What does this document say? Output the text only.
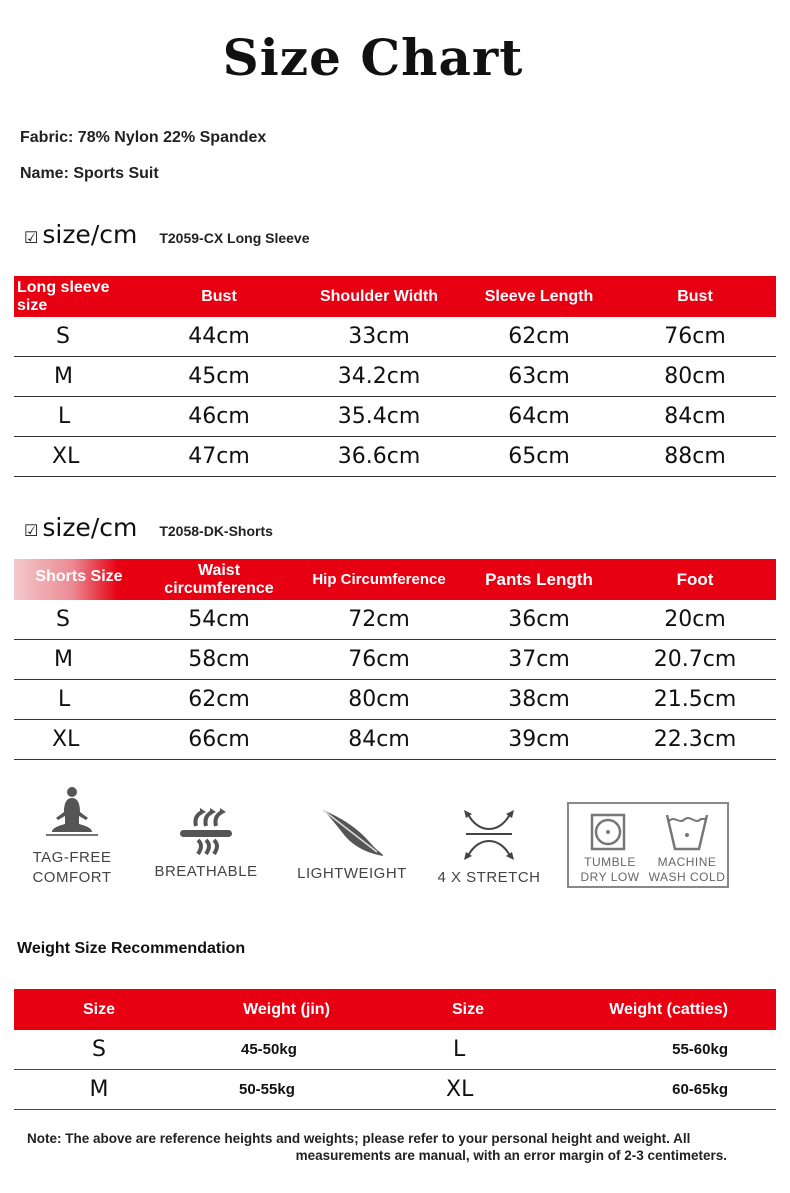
Size Chart
Fabric: 78% Nylon 22% Spandex
Name: Sports Suit
☑ size/cm T2059-CX Long Sleeve
Long sleeve size	Bust	Shoulder Width	Sleeve Length	Bust
S	44cm	33cm	62cm	76cm
M	45cm	34.2cm	63cm	80cm
L	46cm	35.4cm	64cm	84cm
XL	47cm	36.6cm	65cm	88cm
☑ size/cm T2058-DK-Shorts
Shorts Size	Waist circumference	Hip Circumference	Pants Length	Foot
S	54cm	72cm	36cm	20cm
M	58cm	76cm	37cm	20.7cm
L	62cm	80cm	38cm	21.5cm
XL	66cm	84cm	39cm	22.3cm
TAG-FREE
COMFORT	BREATHABLE	LIGHTWEIGHT	4 X STRETCH
TUMBLE
DRY LOW
MACHINE
WASH COLD
Weight Size Recommendation
Size	Weight (jin)	Size	Weight (catties)
S	45-50kg	L	55-60kg
M	50-55kg	XL	60-65kg
Note: The above are reference heights and weights; please refer to your personal height and weight. All
measurements are manual, with an error margin of 2-3 centimeters.
